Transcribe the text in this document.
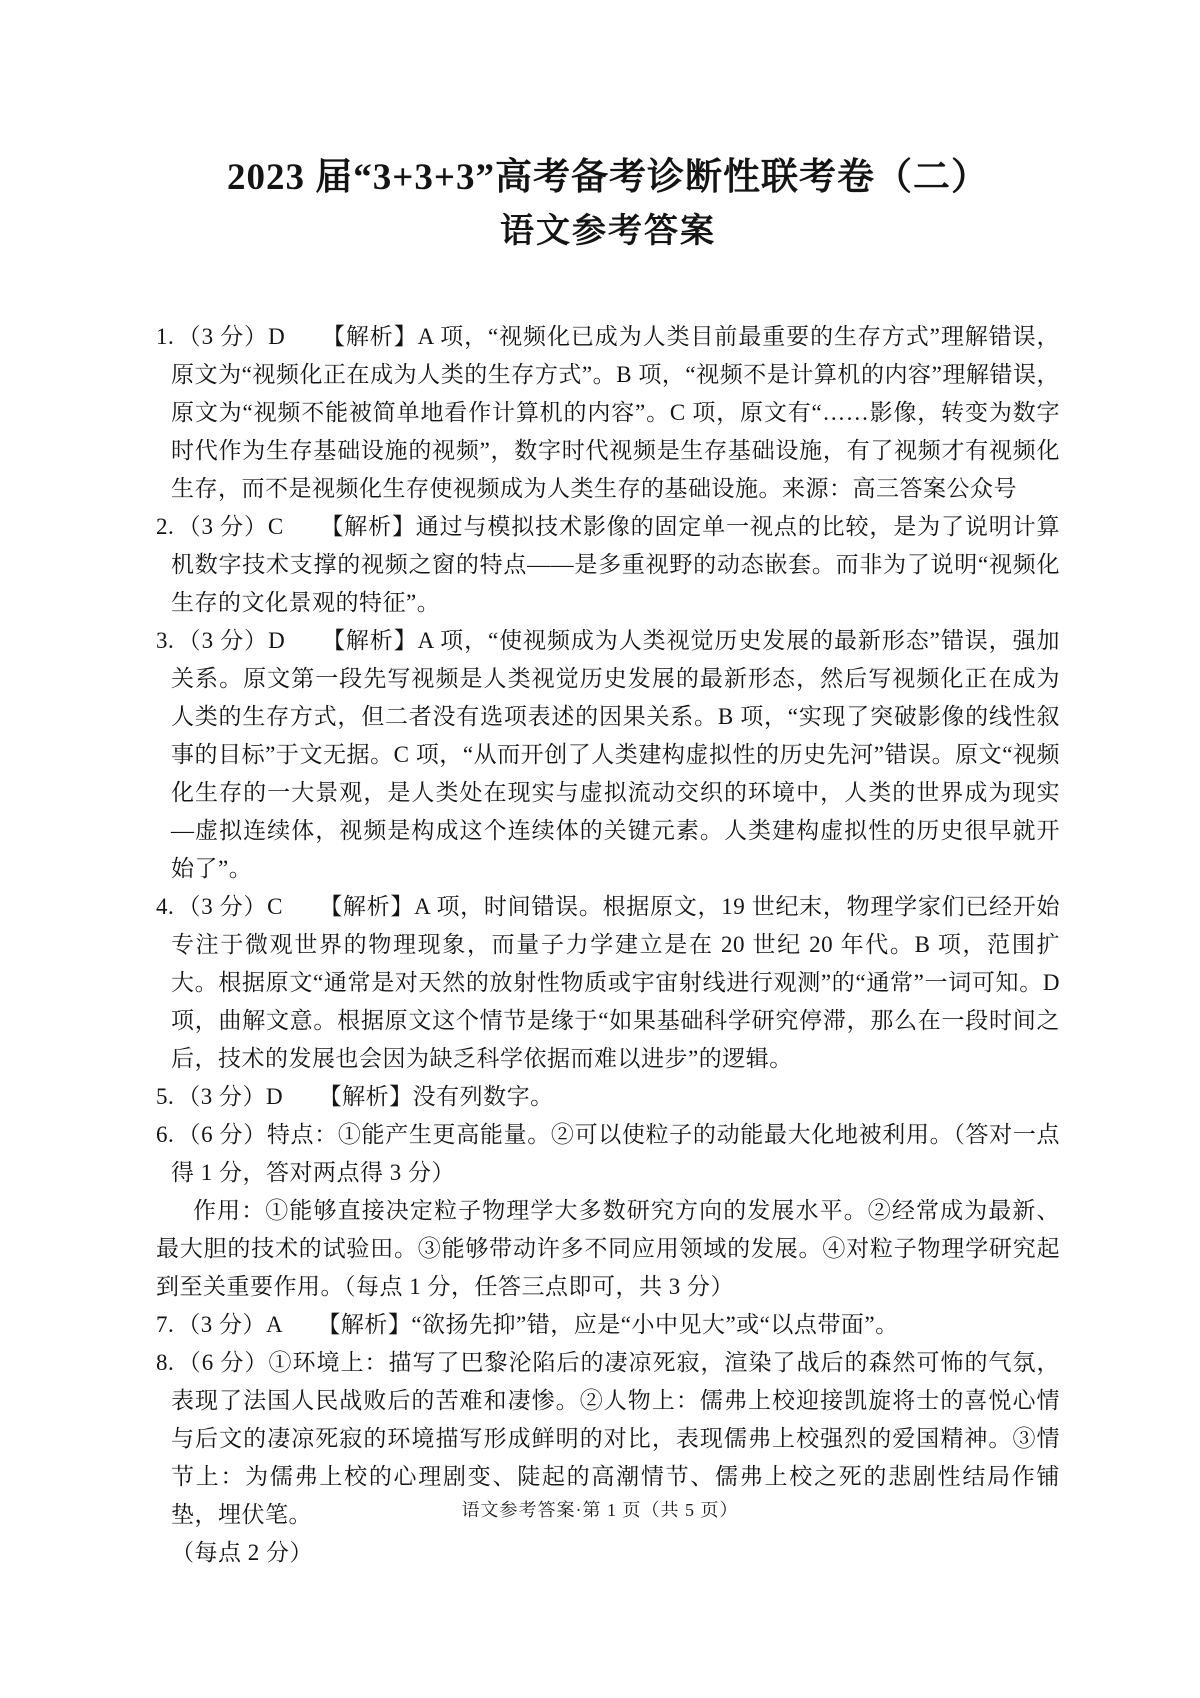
2023 届“3+3+3”高考备考诊断性联考卷（二）
语文参考答案

1. （3 分）D　　【解析】A 项，“视频化已成为人类目前最重要的生存方式”理解错误，原文为“视频化正在成为人类的生存方式”。B 项，“视频不是计算机的内容”理解错误，原文为“视频不能被简单地看作计算机的内容”。C 项，原文有“……影像，转变为数字时代作为生存基础设施的视频”，数字时代视频是生存基础设施，有了视频才有视频化生存，而不是视频化生存使视频成为人类生存的基础设施。来源：高三答案公众号

2. （3 分）C　　【解析】通过与模拟技术影像的固定单一视点的比较，是为了说明计算机数字技术支撑的视频之窗的特点——是多重视野的动态嵌套。而非为了说明“视频化生存的文化景观的特征”。

3. （3 分）D　　【解析】A 项，“使视频成为人类视觉历史发展的最新形态”错误，强加关系。原文第一段先写视频是人类视觉历史发展的最新形态，然后写视频化正在成为人类的生存方式，但二者没有选项表述的因果关系。B 项，“实现了突破影像的线性叙事的目标”于文无据。C 项，“从而开创了人类建构虚拟性的历史先河”错误。原文“视频化生存的一大景观，是人类处在现实与虚拟流动交织的环境中，人类的世界成为现实—虚拟连续体，视频是构成这个连续体的关键元素。人类建构虚拟性的历史很早就开始了”。

4. （3 分）C　　【解析】A 项，时间错误。根据原文，19 世纪末，物理学家们已经开始专注于微观世界的物理现象，而量子力学建立是在 20 世纪 20 年代。B 项，范围扩大。根据原文“通常是对天然的放射性物质或宇宙射线进行观测”的“通常”一词可知。D 项，曲解文意。根据原文这个情节是缘于“如果基础科学研究停滞，那么在一段时间之后，技术的发展也会因为缺乏科学依据而难以进步”的逻辑。

5. （3 分）D　　【解析】没有列数字。

6. （6 分）特点：①能产生更高能量。②可以使粒子的动能最大化地被利用。（答对一点得 1 分，答对两点得 3 分）

作用：①能够直接决定粒子物理学大多数研究方向的发展水平。②经常成为最新、最大胆的技术的试验田。③能够带动许多不同应用领域的发展。④对粒子物理学研究起到至关重要作用。（每点 1 分，任答三点即可，共 3 分）

7. （3 分）A　　【解析】“欲扬先抑”错，应是“小中见大”或“以点带面”。

8. （6 分）①环境上：描写了巴黎沦陷后的凄凉死寂，渲染了战后的森然可怖的气氛，表现了法国人民战败后的苦难和凄惨。②人物上：儒弗上校迎接凯旋将士的喜悦心情与后文的凄凉死寂的环境描写形成鲜明的对比，表现儒弗上校强烈的爱国精神。③情节上：为儒弗上校的心理剧变、陡起的高潮情节、儒弗上校之死的悲剧性结局作铺垫，埋伏笔。

（每点 2 分）

语文参考答案·第 1 页（共 5 页）
